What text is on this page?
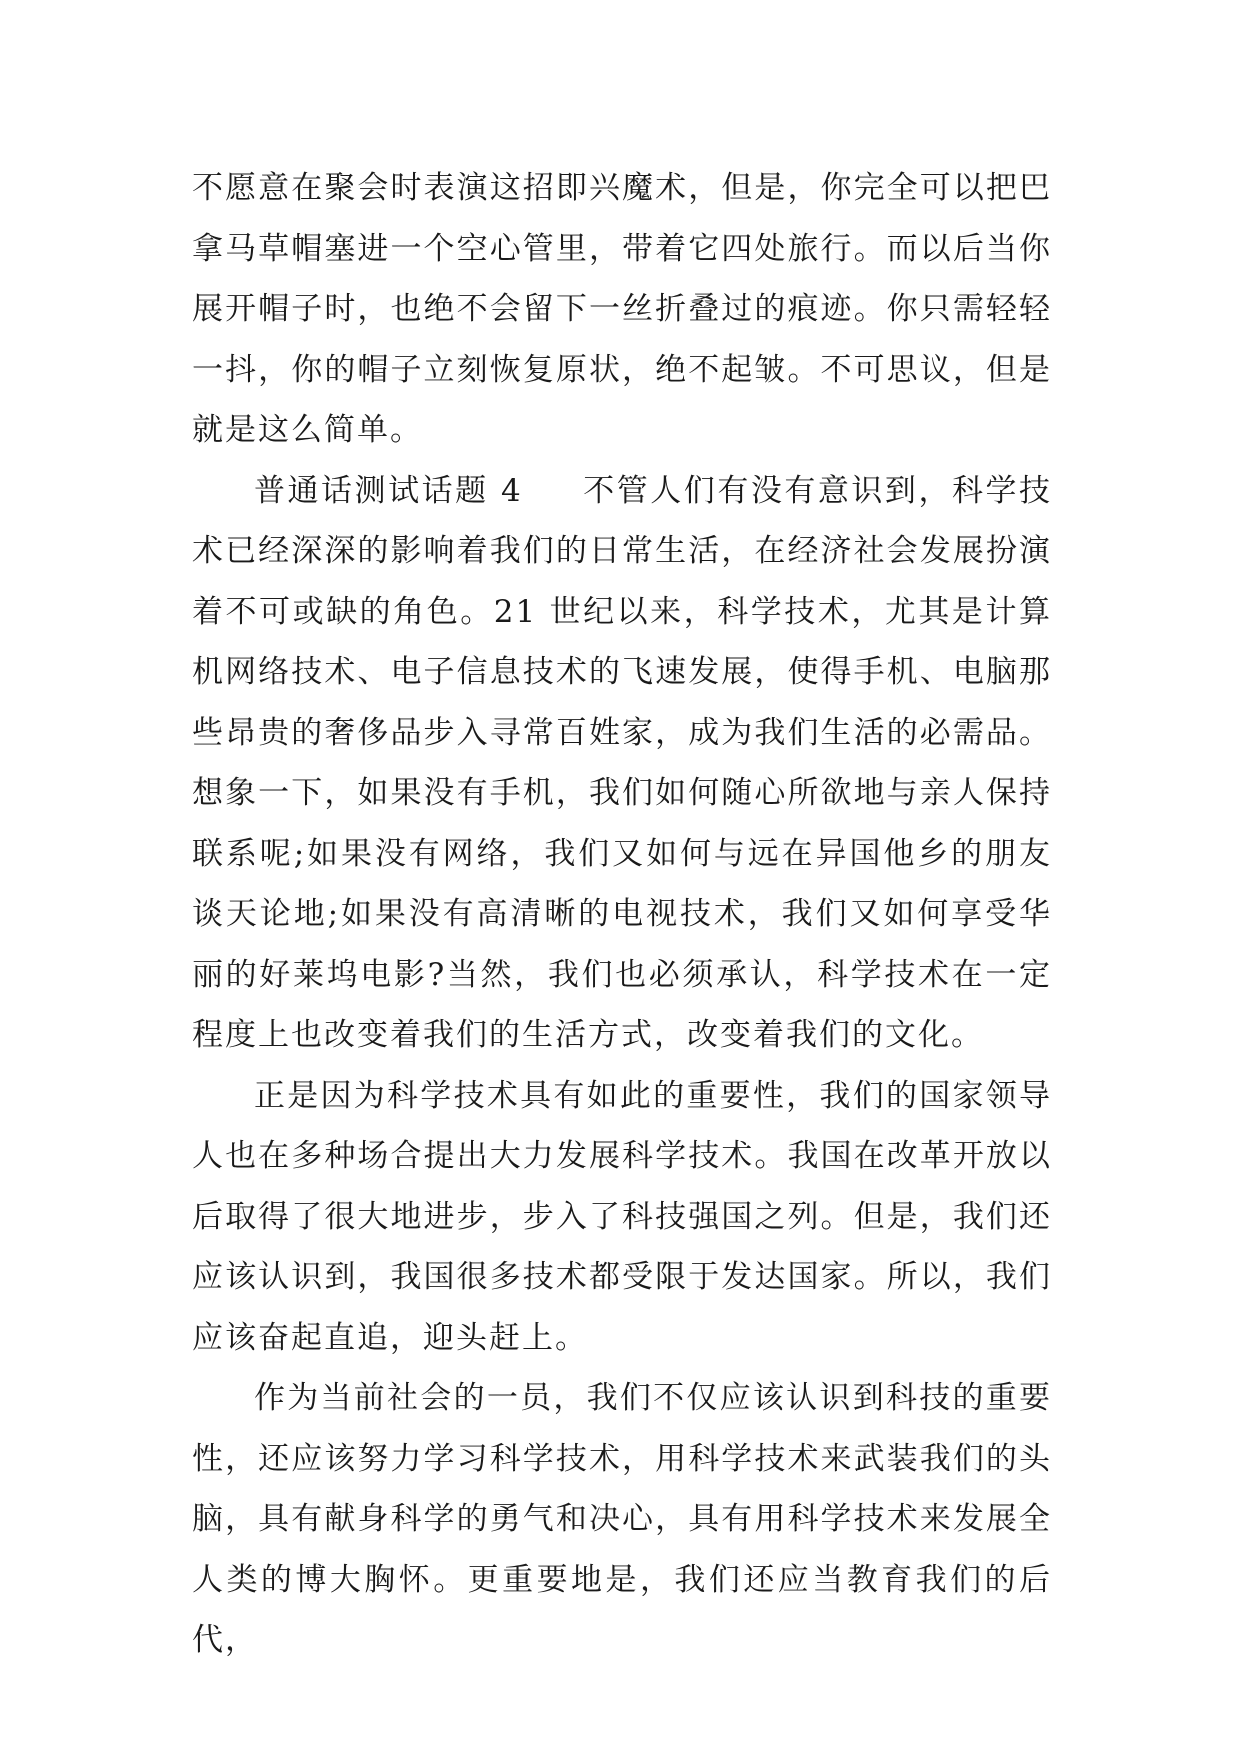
不愿意在聚会时表演这招即兴魔术，但是，你完全可以把巴拿马草帽塞进一个空心管里，带着它四处旅行。而以后当你展开帽子时，也绝不会留下一丝折叠过的痕迹。你只需轻轻一抖，你的帽子立刻恢复原状，绝不起皱。不可思议，但是就是这么简单。

普通话测试话题 4 不管人们有没有意识到，科学技术已经深深的影响着我们的日常生活，在经济社会发展扮演着不可或缺的角色。21 世纪以来，科学技术，尤其是计算机网络技术、电子信息技术的飞速发展，使得手机、电脑那些昂贵的奢侈品步入寻常百姓家，成为我们生活的必需品。想象一下，如果没有手机，我们如何随心所欲地与亲人保持联系呢;如果没有网络，我们又如何与远在异国他乡的朋友谈天论地;如果没有高清晰的电视技术，我们又如何享受华丽的好莱坞电影?当然，我们也必须承认，科学技术在一定程度上也改变着我们的生活方式，改变着我们的文化。

正是因为科学技术具有如此的重要性，我们的国家领导人也在多种场合提出大力发展科学技术。我国在改革开放以后取得了很大地进步，步入了科技强国之列。但是，我们还应该认识到，我国很多技术都受限于发达国家。所以，我们应该奋起直追，迎头赶上。

作为当前社会的一员，我们不仅应该认识到科技的重要性，还应该努力学习科学技术，用科学技术来武装我们的头脑，具有献身科学的勇气和决心，具有用科学技术来发展全人类的博大胸怀。更重要地是，我们还应当教育我们的后代，
